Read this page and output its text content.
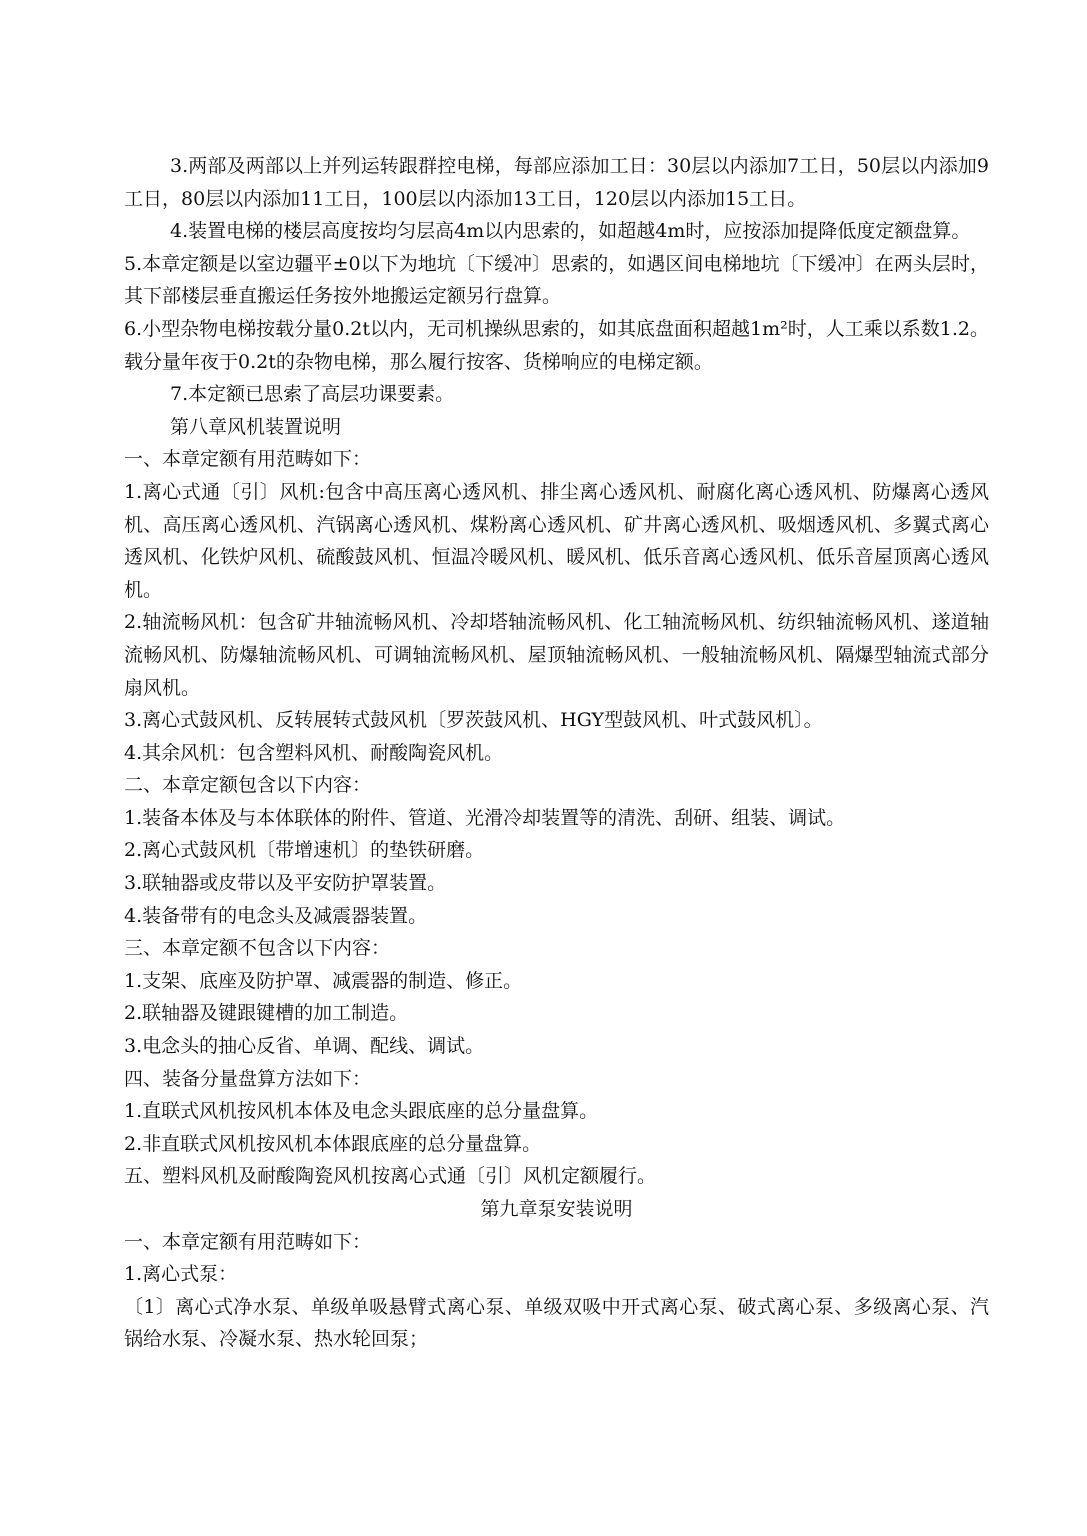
3.两部及两部以上并列运转跟群控电梯，每部应添加工日：30层以内添加7工日，50层以内添加9工日，80层以内添加11工日，100层以内添加13工日，120层以内添加15工日。

4.装置电梯的楼层高度按均匀层高4m以内思索的，如超越4m时，应按添加提降低度定额盘算。

5.本章定额是以室边疆平±0以下为地坑〔下缓冲〕思索的，如遇区间电梯地坑〔下缓冲〕在两头层时，其下部楼层垂直搬运任务按外地搬运定额另行盘算。

6.小型杂物电梯按载分量0.2t以内，无司机操纵思索的，如其底盘面积超越1m²时，人工乘以系数1.2。载分量年夜于0.2t的杂物电梯，那么履行按客、货梯响应的电梯定额。

7.本定额已思索了高层功课要素。

第八章风机装置说明

一、本章定额有用范畴如下：

1.离心式通〔引〕风机:包含中高压离心透风机、排尘离心透风机、耐腐化离心透风机、防爆离心透风机、高压离心透风机、汽锅离心透风机、煤粉离心透风机、矿井离心透风机、吸烟透风机、多翼式离心透风机、化铁炉风机、硫酸鼓风机、恒温冷暖风机、暖风机、低乐音离心透风机、低乐音屋顶离心透风机。

2.轴流畅风机：包含矿井轴流畅风机、冷却塔轴流畅风机、化工轴流畅风机、纺织轴流畅风机、遂道轴流畅风机、防爆轴流畅风机、可调轴流畅风机、屋顶轴流畅风机、一般轴流畅风机、隔爆型轴流式部分扇风机。

3.离心式鼓风机、反转展转式鼓风机〔罗茨鼓风机、HGY型鼓风机、叶式鼓风机〕。

4.其余风机：包含塑料风机、耐酸陶瓷风机。

二、本章定额包含以下内容：

1.装备本体及与本体联体的附件、管道、光滑冷却装置等的清洗、刮研、组装、调试。

2.离心式鼓风机〔带增速机〕的垫铁研磨。

3.联轴器或皮带以及平安防护罩装置。

4.装备带有的电念头及减震器装置。

三、本章定额不包含以下内容：

1.支架、底座及防护罩、减震器的制造、修正。

2.联轴器及键跟键槽的加工制造。

3.电念头的抽心反省、单调、配线、调试。

四、装备分量盘算方法如下：

1.直联式风机按风机本体及电念头跟底座的总分量盘算。

2.非直联式风机按风机本体跟底座的总分量盘算。

五、塑料风机及耐酸陶瓷风机按离心式通〔引〕风机定额履行。

第九章泵安装说明

一、本章定额有用范畴如下：

1.离心式泵：

〔1〕离心式净水泵、单级单吸悬臂式离心泵、单级双吸中开式离心泵、破式离心泵、多级离心泵、汽锅给水泵、冷凝水泵、热水轮回泵；
